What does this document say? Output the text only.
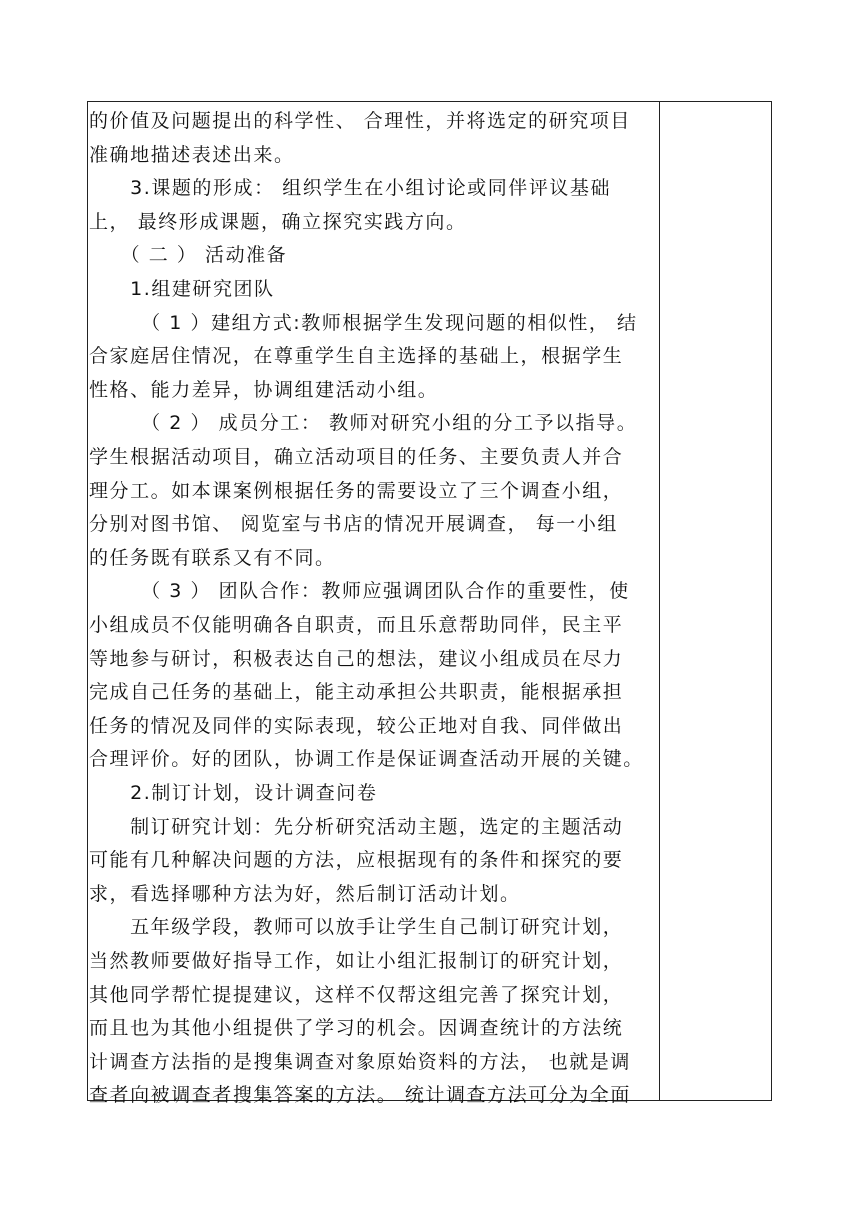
的价值及问题提出的科学性、 合理性，并将选定的研究项目
准确地描述表述出来。
　　3.课题的形成： 组织学生在小组讨论或同伴评议基础
上， 最终形成课题，确立探究实践方向。
　　（ 二 ） 活动准备
　　1.组建研究团队
　　　（ 1 ）建组方式:教师根据学生发现问题的相似性， 结
合家庭居住情况，在尊重学生自主选择的基础上，根据学生
性格、能力差异，协调组建活动小组。
　　　（ 2 ） 成员分工： 教师对研究小组的分工予以指导。
学生根据活动项目，确立活动项目的任务、主要负责人并合
理分工。如本课案例根据任务的需要设立了三个调查小组，
分别对图书馆、 阅览室与书店的情况开展调查， 每一小组
的任务既有联系又有不同。
　　　（ 3 ） 团队合作：教师应强调团队合作的重要性，使
小组成员不仅能明确各自职责，而且乐意帮助同伴，民主平
等地参与研讨，积极表达自己的想法，建议小组成员在尽力
完成自己任务的基础上，能主动承担公共职责，能根据承担
任务的情况及同伴的实际表现，较公正地对自我、同伴做出
合理评价。好的团队，协调工作是保证调查活动开展的关键。
　　2.制订计划，设计调查问卷
　　制订研究计划：先分析研究活动主题，选定的主题活动
可能有几种解决问题的方法，应根据现有的条件和探究的要
求，看选择哪种方法为好，然后制订活动计划。
　　五年级学段，教师可以放手让学生自己制订研究计划，
当然教师要做好指导工作，如让小组汇报制订的研究计划，
其他同学帮忙提提建议，这样不仅帮这组完善了探究计划，
而且也为其他小组提供了学习的机会。因调查统计的方法统
计调查方法指的是搜集调查对象原始资料的方法， 也就是调
查者向被调查者搜集答案的方法。 统计调查方法可分为全面
